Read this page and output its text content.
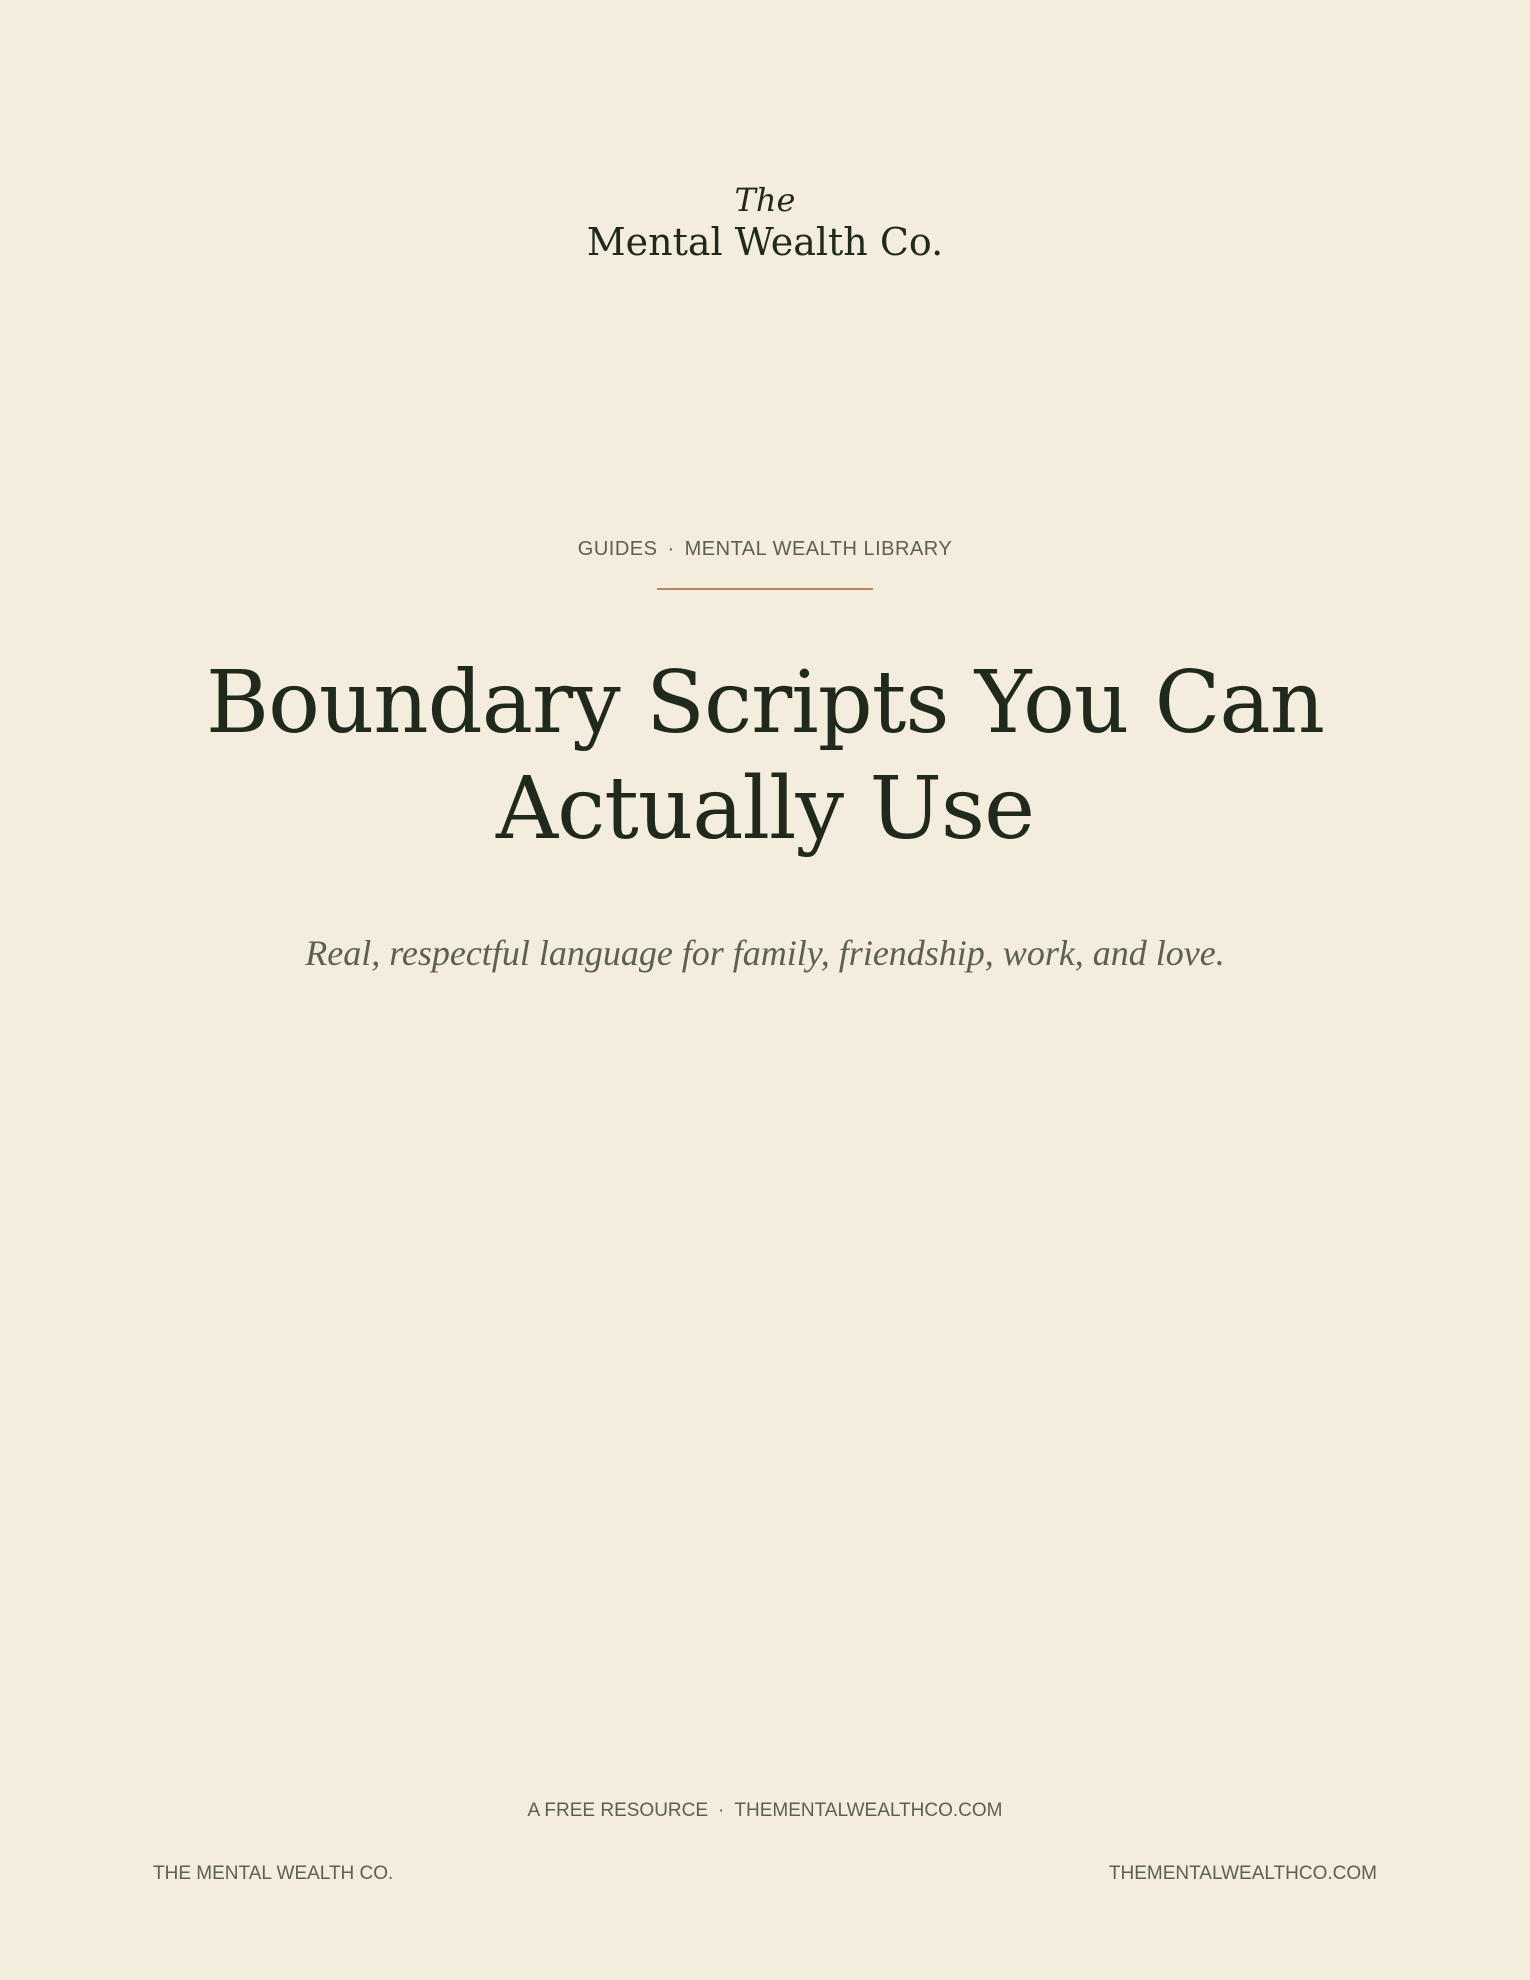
The
Mental Wealth Co.
GUIDES · MENTAL WEALTH LIBRARY
Boundary Scripts You Can Actually Use
Real, respectful language for family, friendship, work, and love.
A FREE RESOURCE · THEMENTALWEALTHCO.COM
THE MENTAL WEALTH CO.	THEMENTALWEALTHCO.COM
